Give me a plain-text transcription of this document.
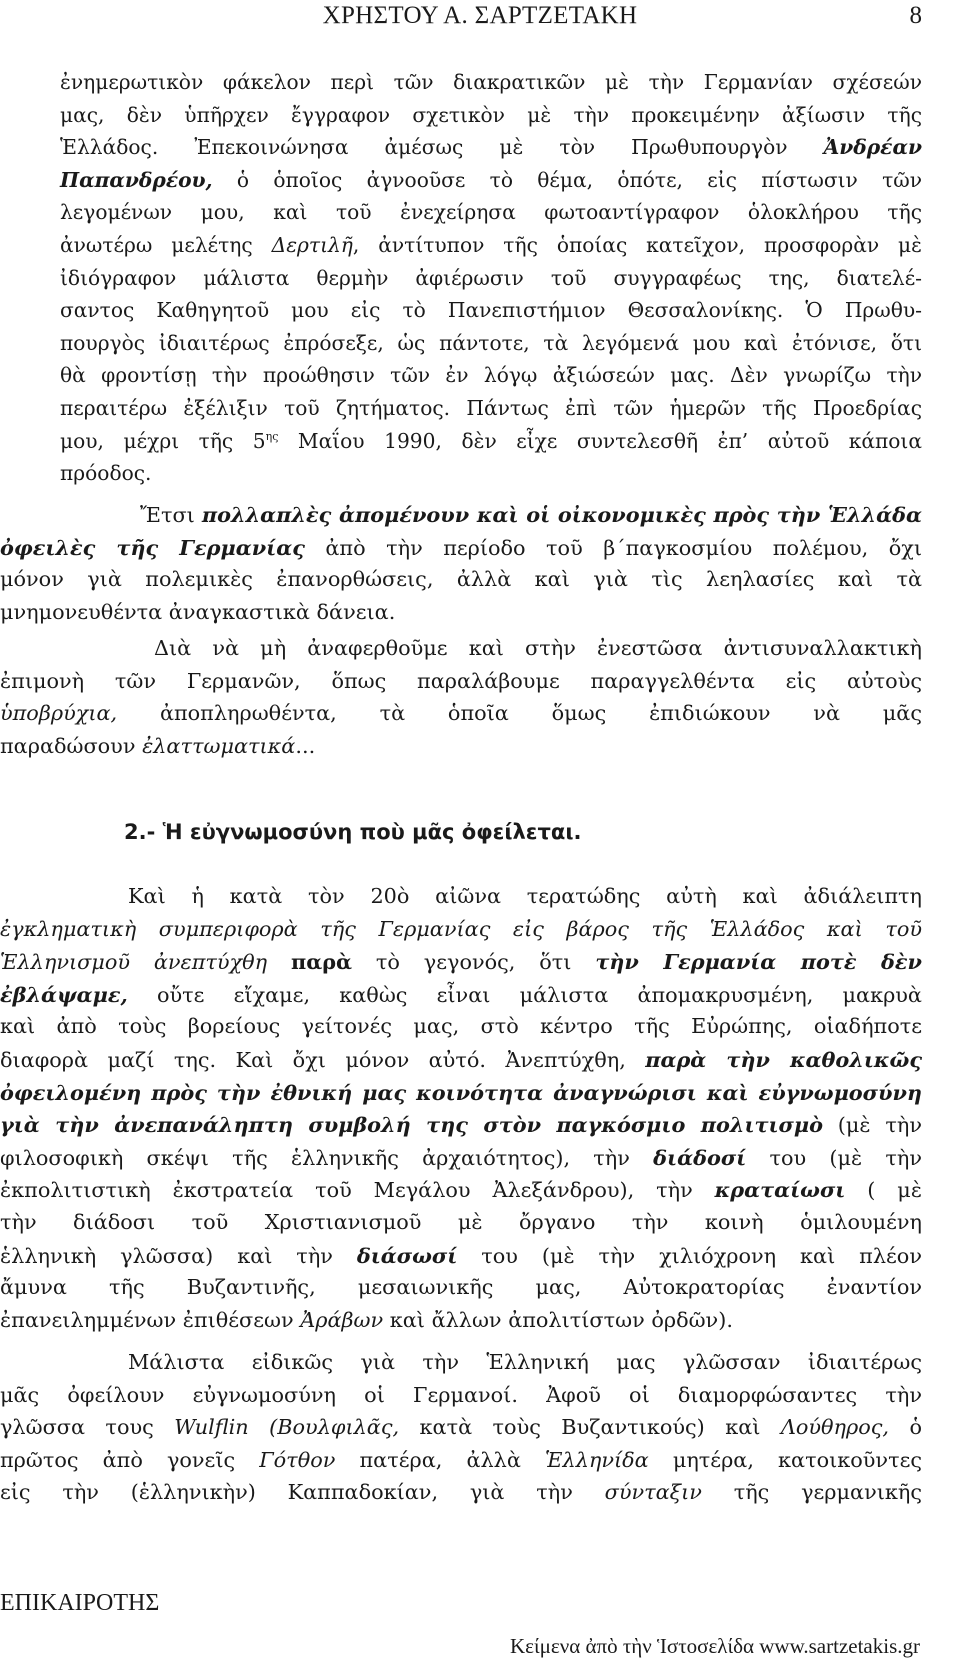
ΧΡΗΣΤΟΥ Α. ΣΑΡΤΖΕΤΑΚΗ	8
ἐνημερωτικὸν φάκελον περὶ τῶν διακρατικῶν μὲ τὴν Γερμανίαν σχέσεών
μας, δὲν ὑπῆρχεν ἔγγραφον σχετικὸν μὲ τὴν προκειμένην ἀξίωσιν τῆς
Ἑλλάδος. Ἐπεκοινώνησα ἀμέσως μὲ τὸν Πρωθυπουργὸν Ἀνδρέαν
Παπανδρέου, ὁ ὁποῖος ἀγνοοῦσε τὸ θέμα, ὁπότε, εἰς πίστωσιν τῶν
λεγομένων μου, καὶ τοῦ ἐνεχείρησα φωτοαντίγραφον ὁλοκλήρου τῆς
ἀνωτέρω μελέτης Δερτιλῆ, ἀντίτυπον τῆς ὁποίας κατεῖχον, προσφορὰν μὲ
ἰδιόγραφον μάλιστα θερμὴν ἀφιέρωσιν τοῦ συγγραφέως της, διατελέ-
σαντος Καθηγητοῦ μου εἰς τὸ Πανεπιστήμιον Θεσσαλονίκης. Ὁ Πρωθυ-
πουργὸς ἰδιαιτέρως ἐπρόσεξε, ὡς πάντοτε, τὰ λεγόμενά μου καὶ ἐτόνισε, ὅτι
θὰ φροντίσῃ τὴν προώθησιν τῶν ἐν λόγῳ ἀξιώσεών μας. Δὲν γνωρίζω τὴν
περαιτέρω ἐξέλιξιν τοῦ ζητήματος. Πάντως ἐπὶ τῶν ἡμερῶν τῆς Προεδρίας
μου, μέχρι τῆς $5^{\eta\varsigma}$ Μαΐου 1990, δὲν εἶχε συντελεσθῆ ἐπ’ αὐτοῦ κάποια
πρόοδος.
Ἔτσι πολλαπλὲς ἀπομένουν καὶ οἱ οἰκονομικὲς πρὸς τὴν Ἑλλάδα
ὀφειλὲς τῆς Γερμανίας ἀπὸ τὴν περίοδο τοῦ β΄παγκοσμίου πολέμου, ὄχι
μόνον γιὰ πολεμικὲς ἐπανορθώσεις, ἀλλὰ καὶ γιὰ τὶς λεηλασίες καὶ τὰ
μνημονευθέντα ἀναγκαστικὰ δάνεια.
Διὰ νὰ μὴ ἀναφερθοῦμε καὶ στὴν ἐνεστῶσα ἀντισυναλλακτικὴ
ἐπιμονὴ τῶν Γερμανῶν, ὅπως παραλάβουμε παραγγελθέντα εἰς αὐτοὺς
ὑποβρύχια, ἀποπληρωθέντα, τὰ ὁποῖα ὅμως ἐπιδιώκουν νὰ μᾶς
παραδώσουν ἐλαττωματικά...
2.- Ἡ εὐγνωμοσύνη ποὺ μᾶς ὀφείλεται.
Καὶ ἡ κατὰ τὸν 20ὸ αἰῶνα τερατώδης αὐτὴ καὶ ἀδιάλειπτη
ἐγκληματικὴ συμπεριφορὰ τῆς Γερμανίας εἰς βάρος τῆς Ἑλλάδος καὶ τοῦ
Ἑλληνισμοῦ ἀνεπτύχθη παρὰ τὸ γεγονός, ὅτι τὴν Γερμανία ποτὲ δὲν
ἐβλάψαμε, οὔτε εἴχαμε, καθὼς εἶναι μάλιστα ἀπομακρυσμένη, μακρυὰ
καὶ ἀπὸ τοὺς βορείους γείτονές μας, στὸ κέντρο τῆς Εὐρώπης, οἱαδήποτε
διαφορὰ μαζί της. Καὶ ὄχι μόνον αὐτό. Ἀνεπτύχθη, παρὰ τὴν καθολικῶς
ὀφειλομένη πρὸς τὴν ἐθνική μας κοινότητα ἀναγνώρισι καὶ εὐγνωμοσύνη
γιὰ τὴν ἀνεπανάληπτη συμβολή της στὸν παγκόσμιο πολιτισμὸ (μὲ τὴν
φιλοσοφικὴ σκέψι τῆς ἑλληνικῆς ἀρχαιότητος), τὴν διάδοσί του (μὲ τὴν
ἐκπολιτιστικὴ ἐκστρατεία τοῦ Μεγάλου Ἀλεξάνδρου), τὴν κραταίωσι ( μὲ
τὴν διάδοσι τοῦ Χριστιανισμοῦ μὲ ὄργανο τὴν κοινὴ ὁμιλουμένη
ἑλληνικὴ γλῶσσα) καὶ τὴν διάσωσί του (μὲ τὴν χιλιόχρονη καὶ πλέον
ἄμυνα τῆς Βυζαντινῆς, μεσαιωνικῆς μας, Αὐτοκρατορίας ἐναντίον
ἐπανειλημμένων ἐπιθέσεων Ἀράβων καὶ ἄλλων ἀπολιτίστων ὀρδῶν).
Μάλιστα εἰδικῶς γιὰ τὴν Ἑλληνική μας γλῶσσαν ἰδιαιτέρως
μᾶς ὀφείλουν εὐγνωμοσύνη οἱ Γερμανοί. Ἀφοῦ οἱ διαμορφώσαντες τὴν
γλῶσσα τους Wulflin (Βουλφιλᾶς, κατὰ τοὺς Βυζαντικούς) καὶ Λούθηρος, ὁ
πρῶτος ἀπὸ γονεῖς Γότθον πατέρα, ἀλλὰ Ἑλληνίδα μητέρα, κατοικοῦντες
εἰς τὴν (ἑλληνικὴν) Καππαδοκίαν, γιὰ τὴν σύνταξιν τῆς γερμανικῆς
ΕΠΙΚΑΙΡΟΤΗΣ
Κείμενα ἀπὸ τὴν Ἱστοσελίδα www.sartzetakis.gr
